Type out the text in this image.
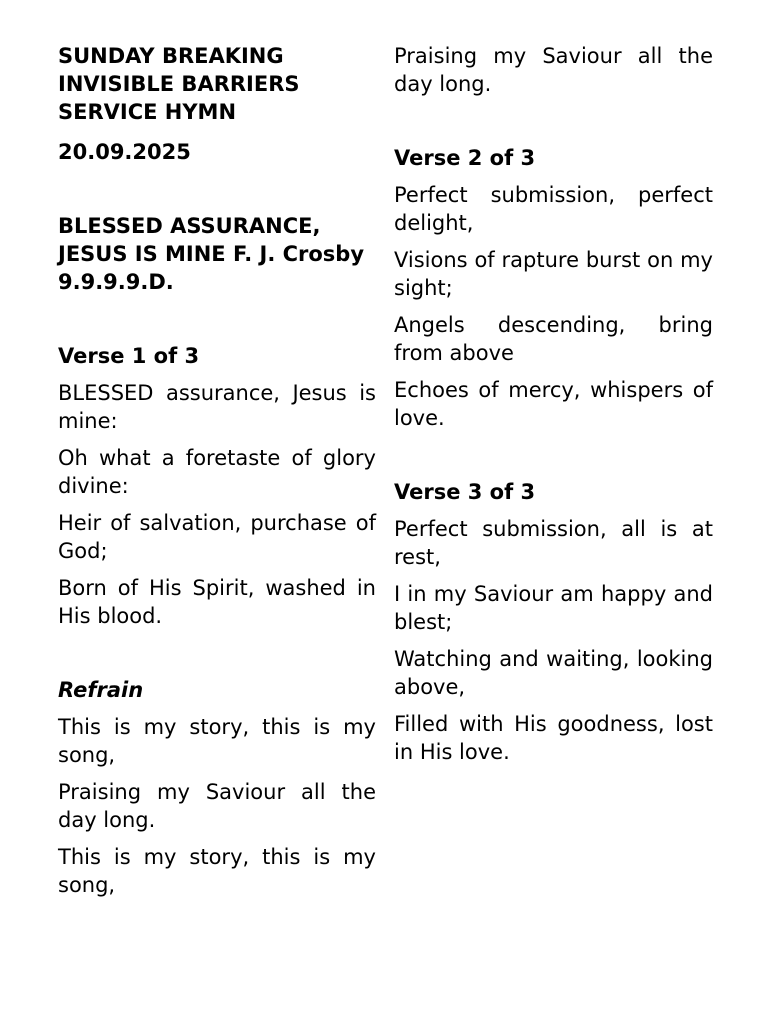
SUNDAY BREAKING INVISIBLE BARRIERS SERVICE HYMN

20.09.2025

BLESSED ASSURANCE, JESUS IS MINE F. J. Crosby 9.9.9.9.D.

Verse 1 of 3

BLESSED assurance, Jesus is mine:

Oh what a foretaste of glory divine:

Heir of salvation, purchase of God;

Born of His Spirit, washed in His blood.

Refrain

This is my story, this is my song,

Praising my Saviour all the day long.

This is my story, this is my song,

Praising my Saviour all the day long.

Verse 2 of 3

Perfect submission, perfect delight,

Visions of rapture burst on my sight;

Angels descending, bring from above

Echoes of mercy, whispers of love.

Verse 3 of 3

Perfect submission, all is at rest,

I in my Saviour am happy and blest;

Watching and waiting, looking above,

Filled with His goodness, lost in His love.
